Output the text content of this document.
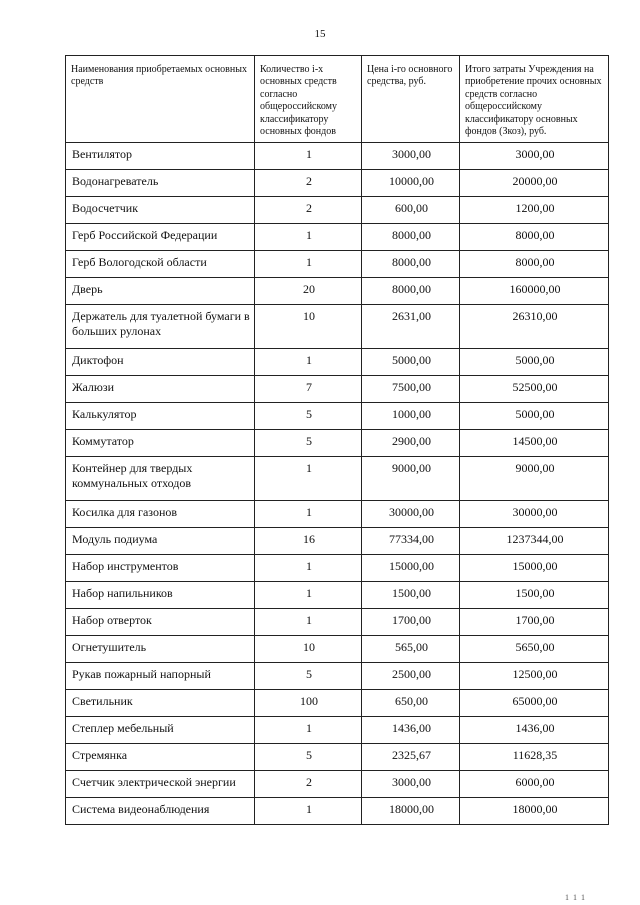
15
Наименования приобретаемых основных средств	Количество i-х основных средств согласно общероссийскому классификатору основных фондов	Цена i-го основного средства, руб.	Итого затраты Учреждения на приобретение прочих основных средств согласно общероссийскому классификатору основных фондов (Зкоз), руб.
Вентилятор	1	3000,00	3000,00
Водонагреватель	2	10000,00	20000,00
Водосчетчик	2	600,00	1200,00
Герб Российской Федерации	1	8000,00	8000,00
Герб Вологодской области	1	8000,00	8000,00
Дверь	20	8000,00	160000,00
Держатель для туалетной бумаги в больших рулонах	10	2631,00	26310,00
Диктофон	1	5000,00	5000,00
Жалюзи	7	7500,00	52500,00
Калькулятор	5	1000,00	5000,00
Коммутатор	5	2900,00	14500,00
Контейнер для твердых коммунальных отходов	1	9000,00	9000,00
Косилка для газонов	1	30000,00	30000,00
Модуль подиума	16	77334,00	1237344,00
Набор инструментов	1	15000,00	15000,00
Набор напильников	1	1500,00	1500,00
Набор отверток	1	1700,00	1700,00
Огнетушитель	10	565,00	5650,00
Рукав пожарный напорный	5	2500,00	12500,00
Светильник	100	650,00	65000,00
Степлер мебельный	1	1436,00	1436,00
Стремянка	5	2325,67	11628,35
Счетчик электрической энергии	2	3000,00	6000,00
Система видеонаблюдения	1	18000,00	18000,00
1 1 1
